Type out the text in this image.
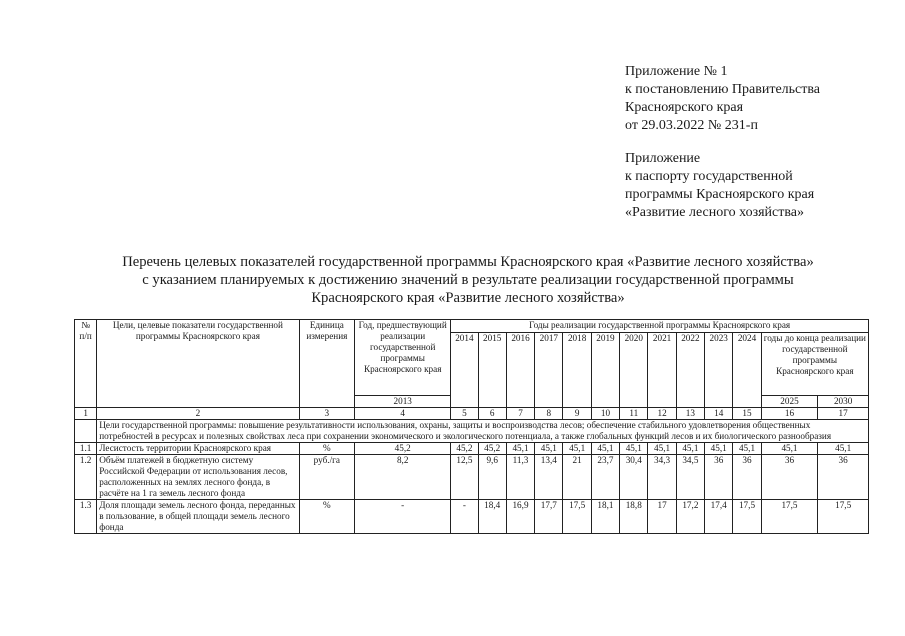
Приложение № 1
к постановлению Правительства
Красноярского края
от 29.03.2022 № 231-п
Приложение
к паспорту государственной
программы Красноярского края
«Развитие лесного хозяйства»
Перечень целевых показателей государственной программы Красноярского края «Развитие лесного хозяйства»
с указанием планируемых к достижению значений в результате реализации государственной программы
Красноярского края «Развитие лесного хозяйства»
№ п/п	Цели, целевые показатели государственной программы Красноярского края	Единица измерения	Год, предшествующий реализации государственной программы Красноярского края	Годы реализации государственной программы Красноярского края												
				2014	2015	2016	2017	2018	2019	2020	2021	2022	2023	2024	годы до конца реализации государственной программы Красноярского края	
			2013												2025	2030
1	2	3	4	5	6	7	8	9	10	11	12	13	14	15	16	17
	Цели государственной программы: повышение результативности использования, охраны, защиты и воспроизводства лесов; обеспечение стабильного удовлетворения общественных потребностей в ресурсах и полезных свойствах леса при сохранении экономического и экологического потенциала, а также глобальных функций лесов и их биологического разнообразия															
1.1	Лесистость территории Красноярского края	%	45,2	45,2	45,2	45,1	45,1	45,1	45,1	45,1	45,1	45,1	45,1	45,1	45,1	45,1
1.2	Объём платежей в бюджетную систему Российской Федерации от использования лесов, расположенных на землях лесного фонда, в расчёте на 1 га земель лесного фонда	руб./га	8,2	12,5	9,6	11,3	13,4	21	23,7	30,4	34,3	34,5	36	36	36	36
1.3	Доля площади земель лесного фонда, переданных в пользование, в общей площади земель лесного фонда	%	-	-	18,4	16,9	17,7	17,5	18,1	18,8	17	17,2	17,4	17,5	17,5	17,5
